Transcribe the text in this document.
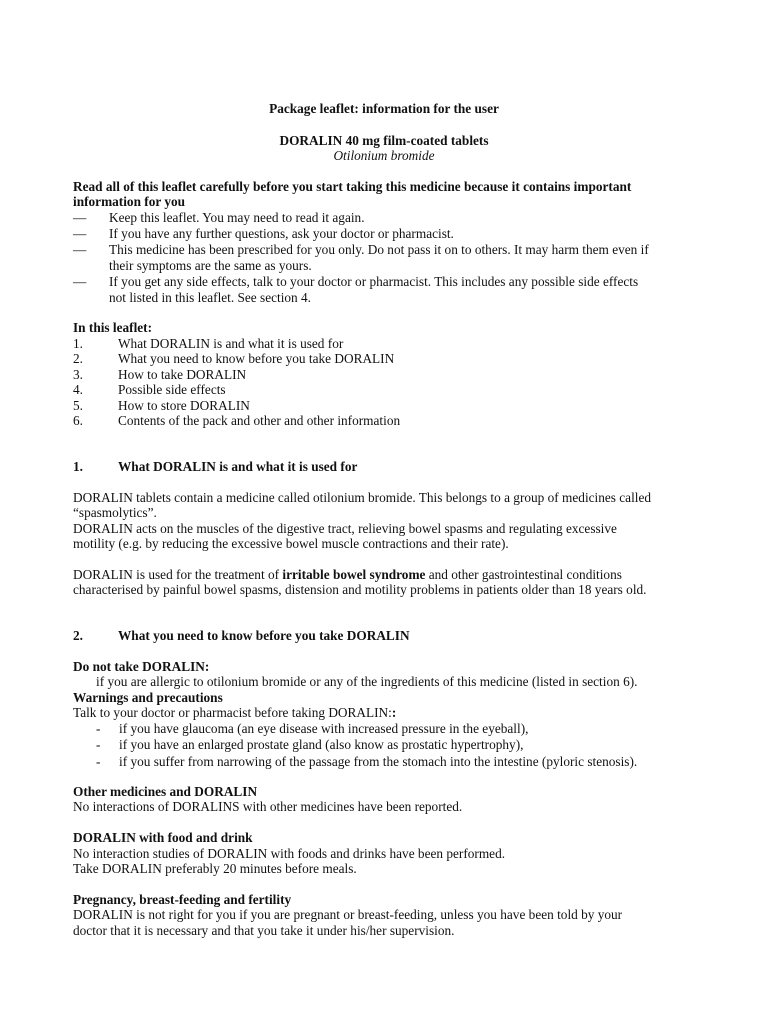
Package leaflet: information for the user
DORALIN 40 mg film-coated tablets
Otilonium bromide
Read all of this leaflet carefully before you start taking this medicine because it contains important
information for you
— Keep this leaflet. You may need to read it again.
— If you have any further questions, ask your doctor or pharmacist.
— This medicine has been prescribed for you only. Do not pass it on to others. It may harm them even if
their symptoms are the same as yours.
— If you get any side effects, talk to your doctor or pharmacist. This includes any possible side effects
not listed in this leaflet. See section 4.
In this leaflet:
1.	What DORALIN is and what it is used for
2.	What you need to know before you take DORALIN
3.	How to take DORALIN
4.	Possible side effects
5.	How to store DORALIN
6.	Contents of the pack and other and other information
1.	What DORALIN is and what it is used for
DORALIN tablets contain a medicine called otilonium bromide. This belongs to a group of medicines called
“spasmolytics”.
DORALIN acts on the muscles of the digestive tract, relieving bowel spasms and regulating excessive
motility (e.g. by reducing the excessive bowel muscle contractions and their rate).
DORALIN is used for the treatment of irritable bowel syndrome and other gastrointestinal conditions
characterised by painful bowel spasms, distension and motility problems in patients older than 18 years old.
2.	What you need to know before you take DORALIN
Do not take DORALIN:
if you are allergic to otilonium bromide or any of the ingredients of this medicine (listed in section 6).
Warnings and precautions
Talk to your doctor or pharmacist before taking DORALIN::
- if you have glaucoma (an eye disease with increased pressure in the eyeball),
- if you have an enlarged prostate gland (also know as prostatic hypertrophy),
- if you suffer from narrowing of the passage from the stomach into the intestine (pyloric stenosis).
Other medicines and DORALIN
No interactions of DORALINS with other medicines have been reported.
DORALIN with food and drink
No interaction studies of DORALIN with foods and drinks have been performed.
Take DORALIN preferably 20 minutes before meals.
Pregnancy, breast-feeding and fertility
DORALIN is not right for you if you are pregnant or breast-feeding, unless you have been told by your
doctor that it is necessary and that you take it under his/her supervision.
